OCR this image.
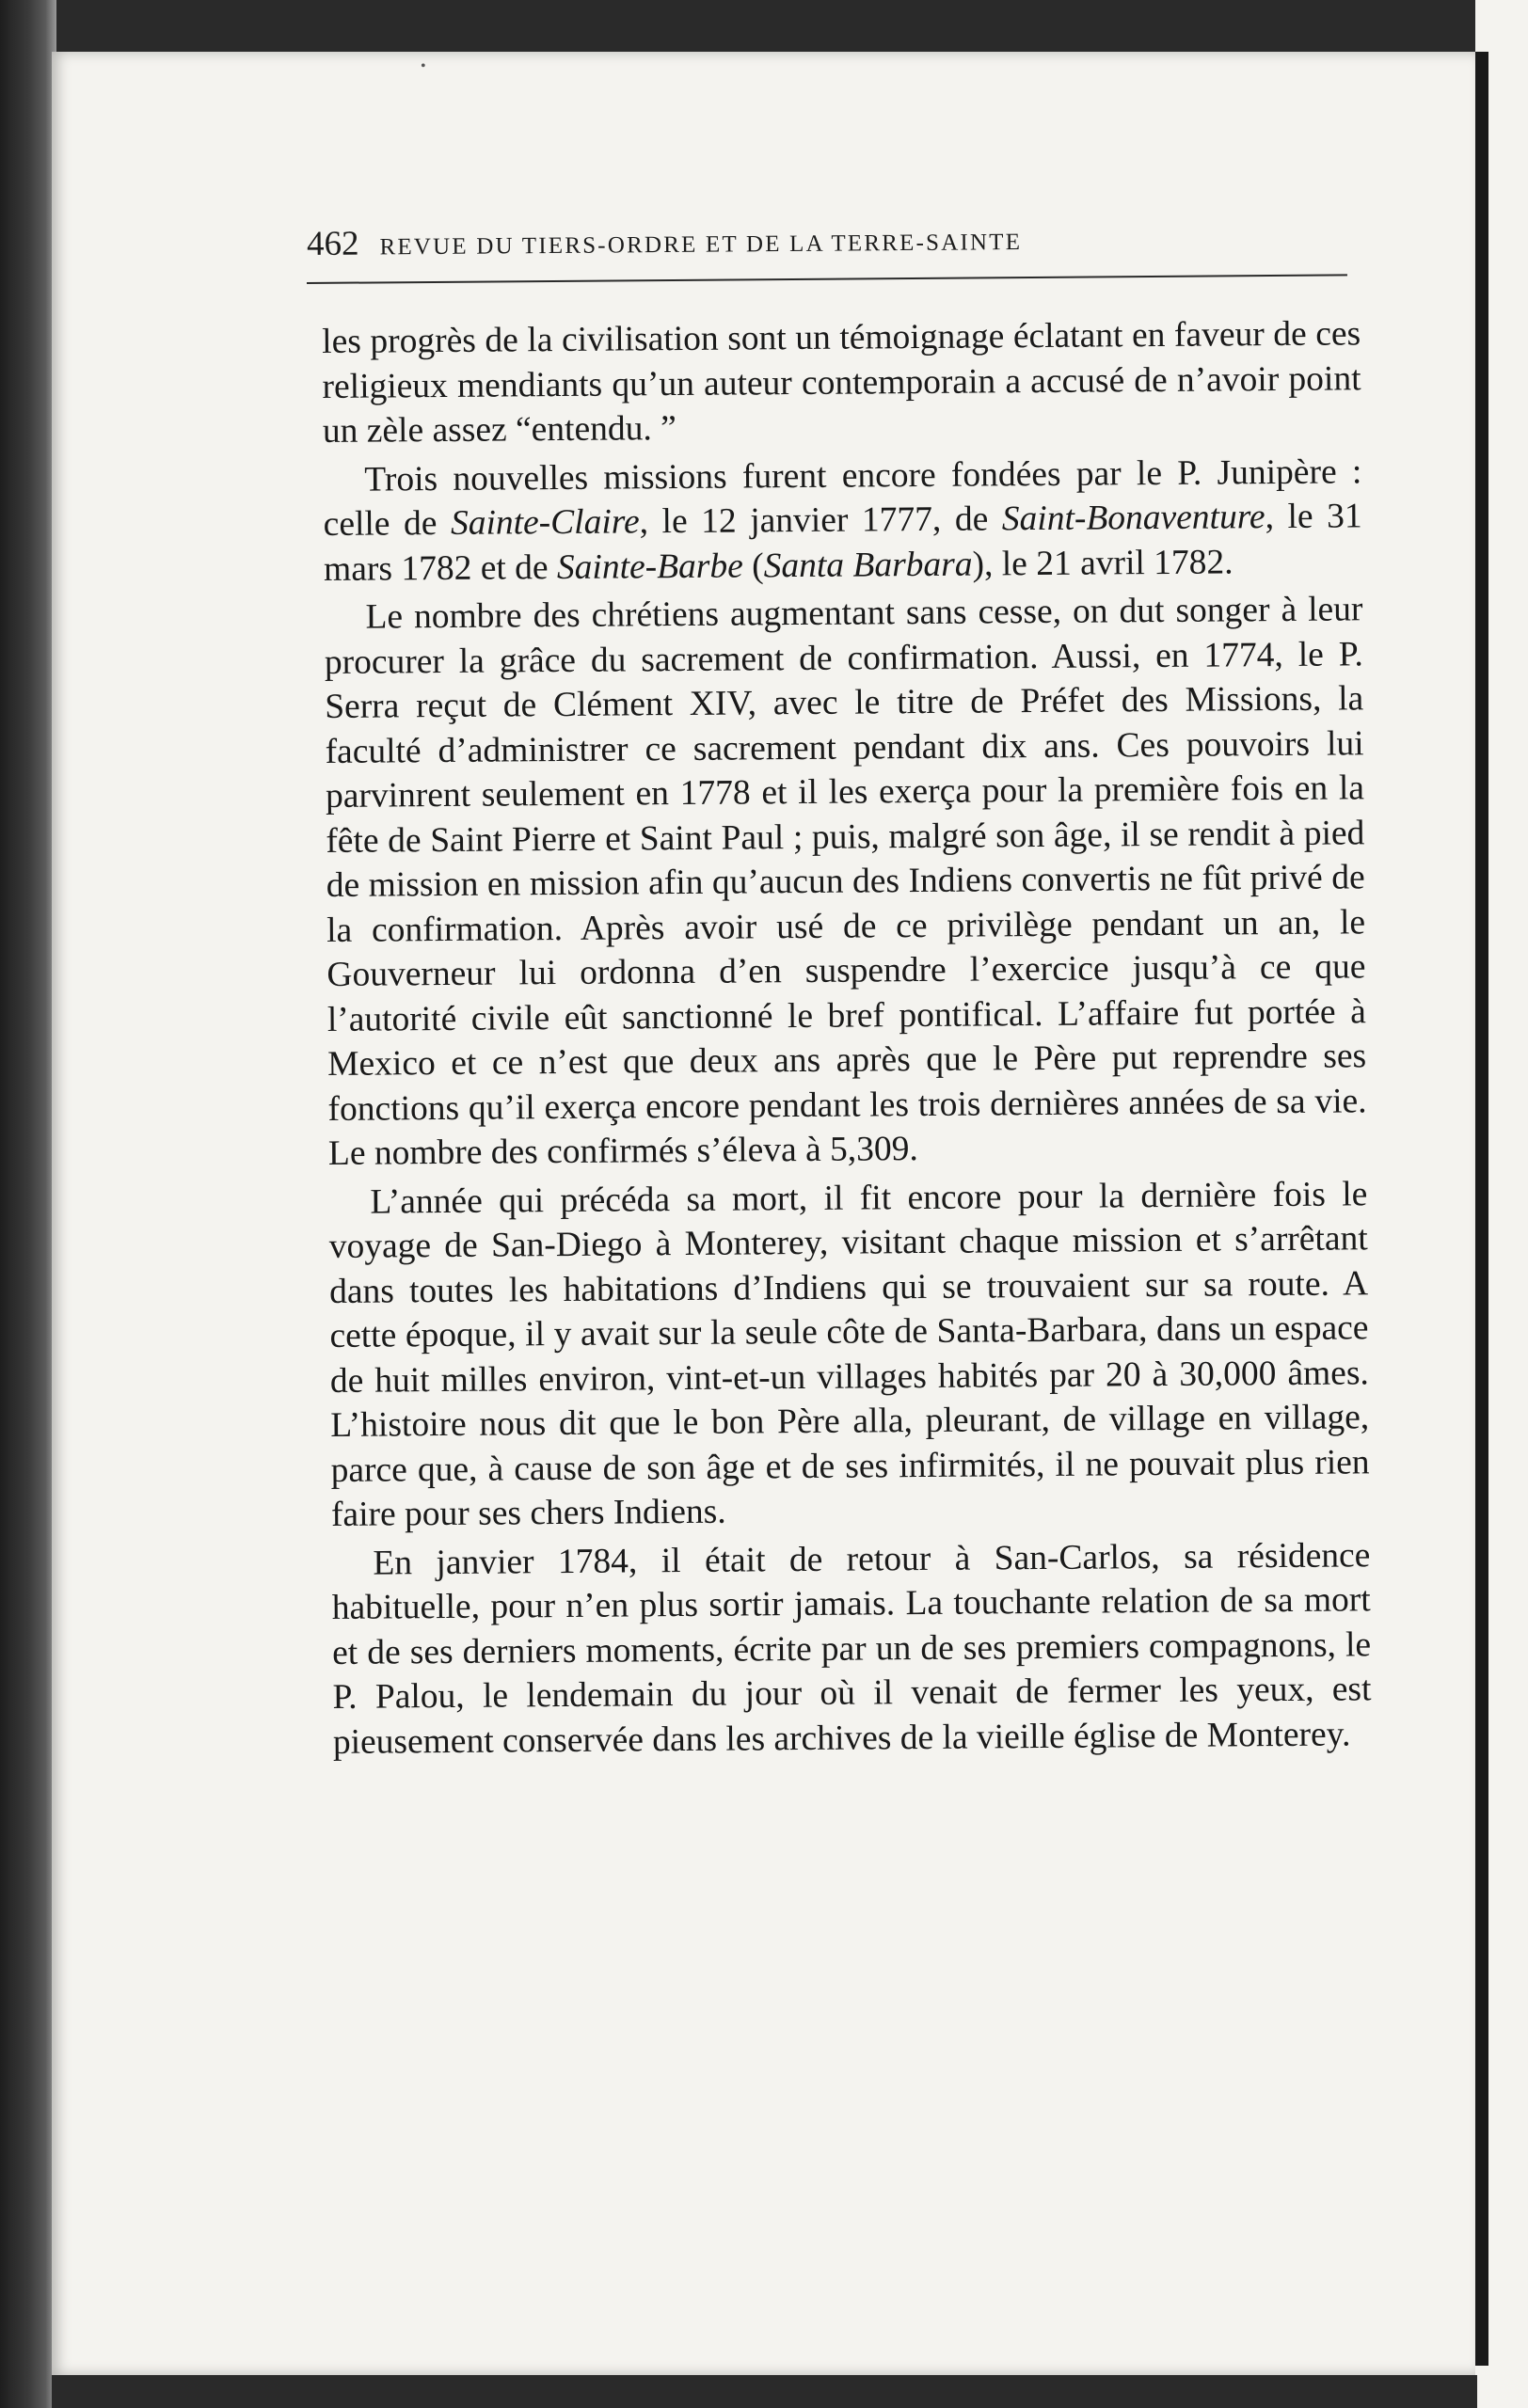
462 REVUE DU TIERS-ORDRE ET DE LA TERRE-SAINTE

les progrès de la civilisation sont un témoignage éclatant en faveur de ces religieux mendiants qu’un auteur contemporain a accusé de n’avoir point un zèle assez “entendu. ”

Trois nouvelles missions furent encore fondées par le P. Junipère : celle de Sainte-Claire, le 12 janvier 1777, de Saint-Bonaventure, le 31 mars 1782 et de Sainte-Barbe (Santa Barbara), le 21 avril 1782.

Le nombre des chrétiens augmentant sans cesse, on dut songer à leur procurer la grâce du sacrement de confirmation. Aussi, en 1774, le P. Serra reçut de Clément XIV, avec le titre de Préfet des Missions, la faculté d’administrer ce sacrement pendant dix ans. Ces pouvoirs lui parvinrent seulement en 1778 et il les exerça pour la première fois en la fête de Saint Pierre et Saint Paul ; puis, malgré son âge, il se rendit à pied de mission en mission afin qu’aucun des Indiens convertis ne fût privé de la confirmation. Après avoir usé de ce privilège pendant un an, le Gouverneur lui ordonna d’en suspendre l’exercice jusqu’à ce que l’autorité civile eût sanctionné le bref pontifical. L’affaire fut portée à Mexico et ce n’est que deux ans après que le Père put reprendre ses fonctions qu’il exerça encore pendant les trois dernières années de sa vie. Le nombre des confirmés s’éleva à 5,309.

L’année qui précéda sa mort, il fit encore pour la dernière fois le voyage de San-Diego à Monterey, visitant chaque mission et s’arrêtant dans toutes les habitations d’Indiens qui se trouvaient sur sa route. A cette époque, il y avait sur la seule côte de Santa-Barbara, dans un espace de huit milles environ, vint-et-un villages habités par 20 à 30,000 âmes. L’histoire nous dit que le bon Père alla, pleurant, de village en village, parce que, à cause de son âge et de ses infirmités, il ne pouvait plus rien faire pour ses chers Indiens.

En janvier 1784, il était de retour à San-Carlos, sa résidence habituelle, pour n’en plus sortir jamais. La touchante relation de sa mort et de ses derniers moments, écrite par un de ses premiers compagnons, le P. Palou, le lendemain du jour où il venait de fermer les yeux, est pieusement conservée dans les archives de la vieille église de Monterey.

•
